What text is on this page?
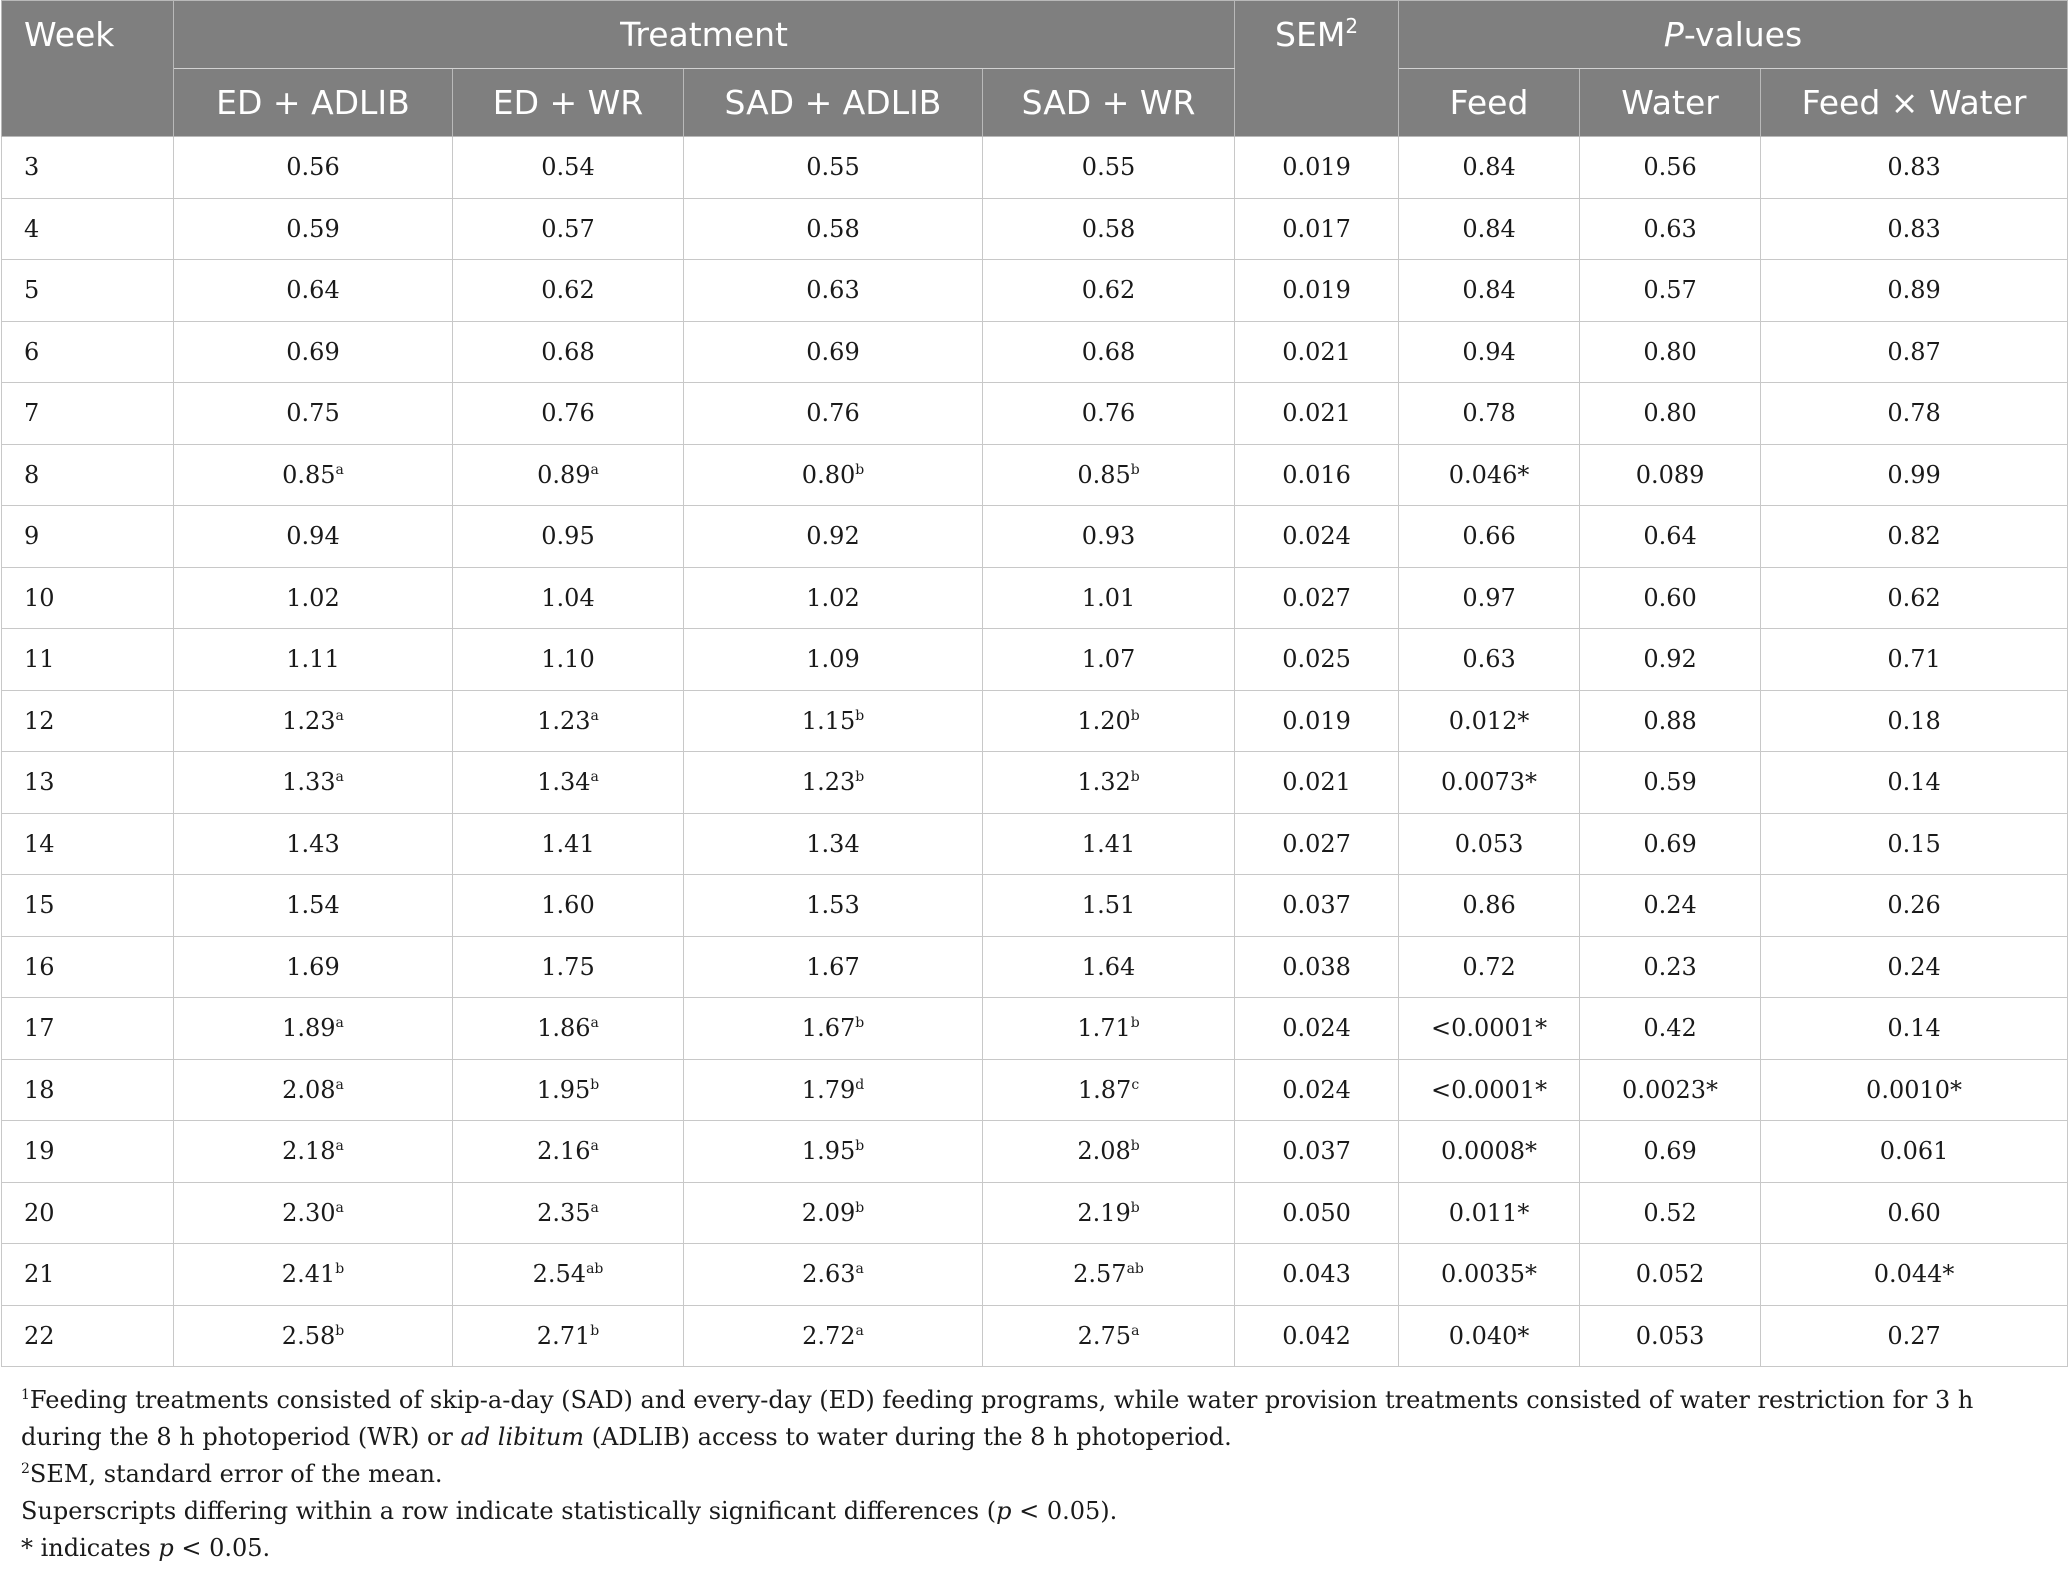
Week	Treatment				SEM$^2$	P-values		
	ED + ADLIB	ED + WR	SAD + ADLIB	SAD + WR		Feed	Water	Feed × Water
3	0.56	0.54	0.55	0.55	0.019	0.84	0.56	0.83
4	0.59	0.57	0.58	0.58	0.017	0.84	0.63	0.83
5	0.64	0.62	0.63	0.62	0.019	0.84	0.57	0.89
6	0.69	0.68	0.69	0.68	0.021	0.94	0.80	0.87
7	0.75	0.76	0.76	0.76	0.021	0.78	0.80	0.78
8	0.85$^a$	0.89$^a$	0.80$^b$	0.85$^b$	0.016	0.046*	0.089	0.99
9	0.94	0.95	0.92	0.93	0.024	0.66	0.64	0.82
10	1.02	1.04	1.02	1.01	0.027	0.97	0.60	0.62
11	1.11	1.10	1.09	1.07	0.025	0.63	0.92	0.71
12	1.23$^a$	1.23$^a$	1.15$^b$	1.20$^b$	0.019	0.012*	0.88	0.18
13	1.33$^a$	1.34$^a$	1.23$^b$	1.32$^b$	0.021	0.0073*	0.59	0.14
14	1.43	1.41	1.34	1.41	0.027	0.053	0.69	0.15
15	1.54	1.60	1.53	1.51	0.037	0.86	0.24	0.26
16	1.69	1.75	1.67	1.64	0.038	0.72	0.23	0.24
17	1.89$^a$	1.86$^a$	1.67$^b$	1.71$^b$	0.024	<0.0001*	0.42	0.14
18	2.08$^a$	1.95$^b$	1.79$^d$	1.87$^c$	0.024	<0.0001*	0.0023*	0.0010*
19	2.18$^a$	2.16$^a$	1.95$^b$	2.08$^b$	0.037	0.0008*	0.69	0.061
20	2.30$^a$	2.35$^a$	2.09$^b$	2.19$^b$	0.050	0.011*	0.52	0.60
21	2.41$^b$	2.54$^{ab}$	2.63$^a$	2.57$^{ab}$	0.043	0.0035*	0.052	0.044*
22	2.58$^b$	2.71$^b$	2.72$^a$	2.75$^a$	0.042	0.040*	0.053	0.27

$^1$Feeding treatments consisted of skip-a-day (SAD) and every-day (ED) feeding programs, while water provision treatments consisted of water restriction for 3 h during the 8 h photoperiod (WR) or ad libitum (ADLIB) access to water during the 8 h photoperiod.

$^2$SEM, standard error of the mean.

Superscripts differing within a row indicate statistically significant differences (p < 0.05).

* indicates p < 0.05.
